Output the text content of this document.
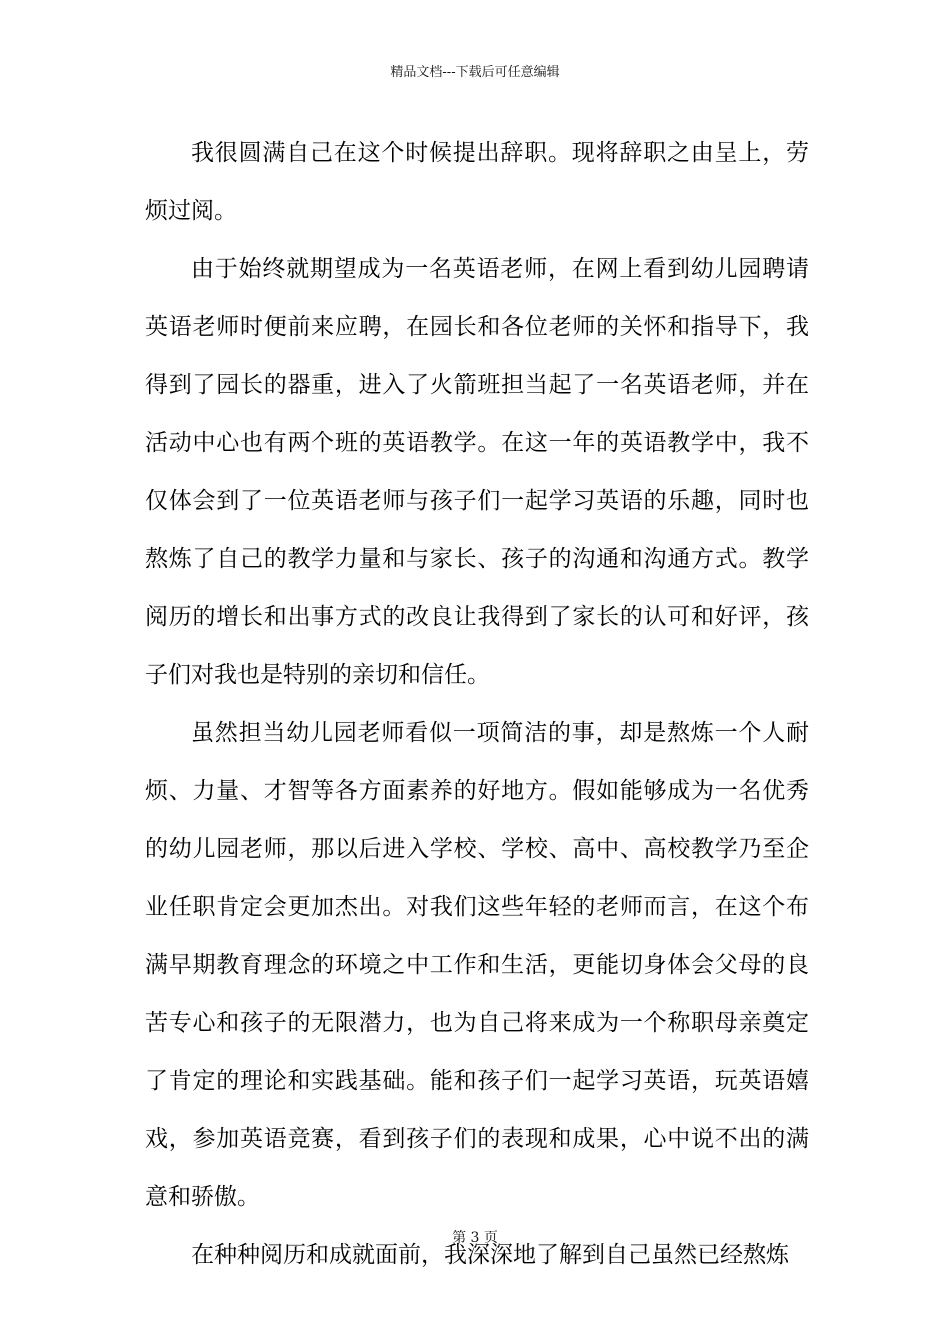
精品文档---下载后可任意编辑

我很圆满自己在这个时候提出辞职。现将辞职之由呈上，劳烦过阅。

由于始终就期望成为一名英语老师，在网上看到幼儿园聘请英语老师时便前来应聘，在园长和各位老师的关怀和指导下，我得到了园长的器重，进入了火箭班担当起了一名英语老师，并在活动中心也有两个班的英语教学。在这一年的英语教学中，我不仅体会到了一位英语老师与孩子们一起学习英语的乐趣，同时也熬炼了自己的教学力量和与家长、孩子的沟通和沟通方式。教学阅历的增长和出事方式的改良让我得到了家长的认可和好评，孩子们对我也是特别的亲切和信任。

虽然担当幼儿园老师看似一项简洁的事，却是熬炼一个人耐烦、力量、才智等各方面素养的好地方。假如能够成为一名优秀的幼儿园老师，那以后进入学校、学校、高中、高校教学乃至企业任职肯定会更加杰出。对我们这些年轻的老师而言，在这个布满早期教育理念的环境之中工作和生活，更能切身体会父母的良苦专心和孩子的无限潜力，也为自己将来成为一个称职母亲奠定了肯定的理论和实践基础。能和孩子们一起学习英语，玩英语嬉戏，参加英语竞赛，看到孩子们的表现和成果，心中说不出的满意和骄傲。

在种种阅历和成就面前，我深深地了解到自己虽然已经熬炼

第 3 页
